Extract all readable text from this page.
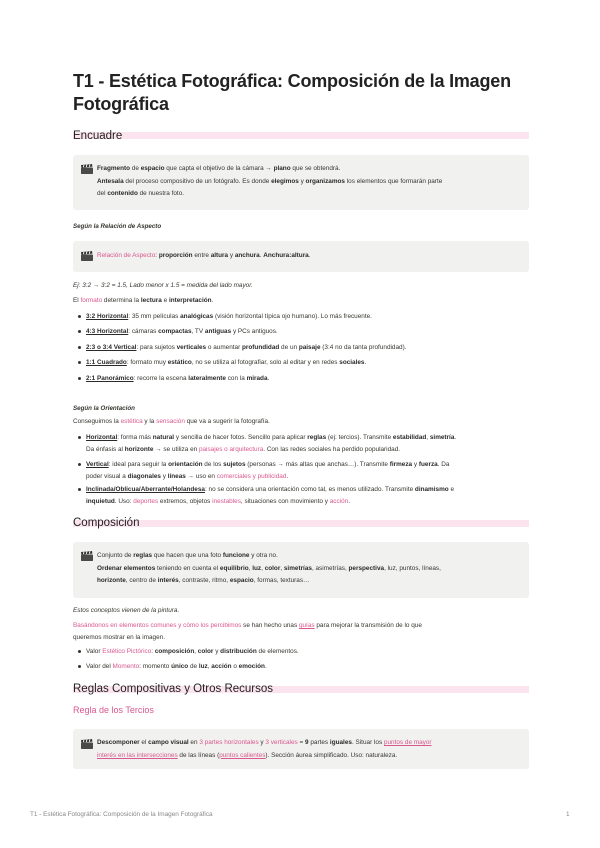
T1 - Estética Fotográfica: Composición de la Imagen Fotográfica
Encuadre
Fragmento de espacio que capta el objetivo de la cámara → plano que se obtendrá.
Antesala del proceso compositivo de un fotógrafo. Es donde elegimos y organizamos los elementos que formarán parte
del contenido de nuestra foto.
Según la Relación de Aspecto
Relación de Aspecto: proporción entre altura y anchura. Anchura:altura.
Ej: 3:2 → 3:2 = 1.5, Lado menor x 1.5 = medida del lado mayor.
El formato determina la lectura e interpretación.
3:2 Horizontal: 35 mm películas analógicas (visión horizontal típica ojo humano). Lo más frecuente.
4:3 Horizontal: cámaras compactas, TV antiguas y PCs antiguos.
2:3 o 3:4 Vertical: para sujetos verticales o aumentar profundidad de un paisaje (3:4 no da tanta profundidad).
1:1 Cuadrado: formato muy estático, no se utiliza al fotografiar, solo al editar y en redes sociales.
2:1 Panorámico: recorre la escena lateralmente con la mirada.
Según la Orientación
Conseguimos la estética y la sensación que va a sugerir la fotografía.
Horizontal: forma más natural y sencilla de hacer fotos. Sencillo para aplicar reglas (ej: tercios). Transmite estabilidad, simetría.
Da énfasis al horizonte → se utiliza en paisajes o arquitectura. Con las redes sociales ha perdido popularidad.
Vertical: ideal para seguir la orientación de los sujetos (personas → más altas que anchas…). Transmite firmeza y fuerza. Da
poder visual a diagonales y líneas → uso en comerciales y publicidad.
Inclinada/Oblicua/Aberrante/Holandesa: no se considera una orientación como tal, es menos utilizado. Transmite dinamismo e
inquietud. Uso: deportes extremos, objetos inestables, situaciones con movimiento y acción.
Composición
Conjunto de reglas que hacen que una foto funcione y otra no.
Ordenar elementos teniendo en cuenta el equilibrio, luz, color, simetrías, asimetrías, perspectiva, luz, puntos, líneas,
horizonte, centro de interés, contraste, ritmo, espacio, formas, texturas…
Estos conceptos vienen de la pintura.
Basándonos en elementos comunes y cómo los percibimos se han hecho unas guías para mejorar la transmisión de lo que
queremos mostrar en la imagen.
Valor Estético Pictórico: composición, color y distribución de elementos.
Valor del Momento: momento único de luz, acción o emoción.
Reglas Compositivas y Otros Recursos
Regla de los Tercios
Descomponer el campo visual en 3 partes horizontales y 3 verticales = 9 partes iguales. Situar los puntos de mayor
interés en las intersecciones de las líneas (puntos calientes). Sección áurea simplificado. Uso: naturaleza.
T1 - Estética Fotográfica: Composición de la Imagen Fotográfica	1
